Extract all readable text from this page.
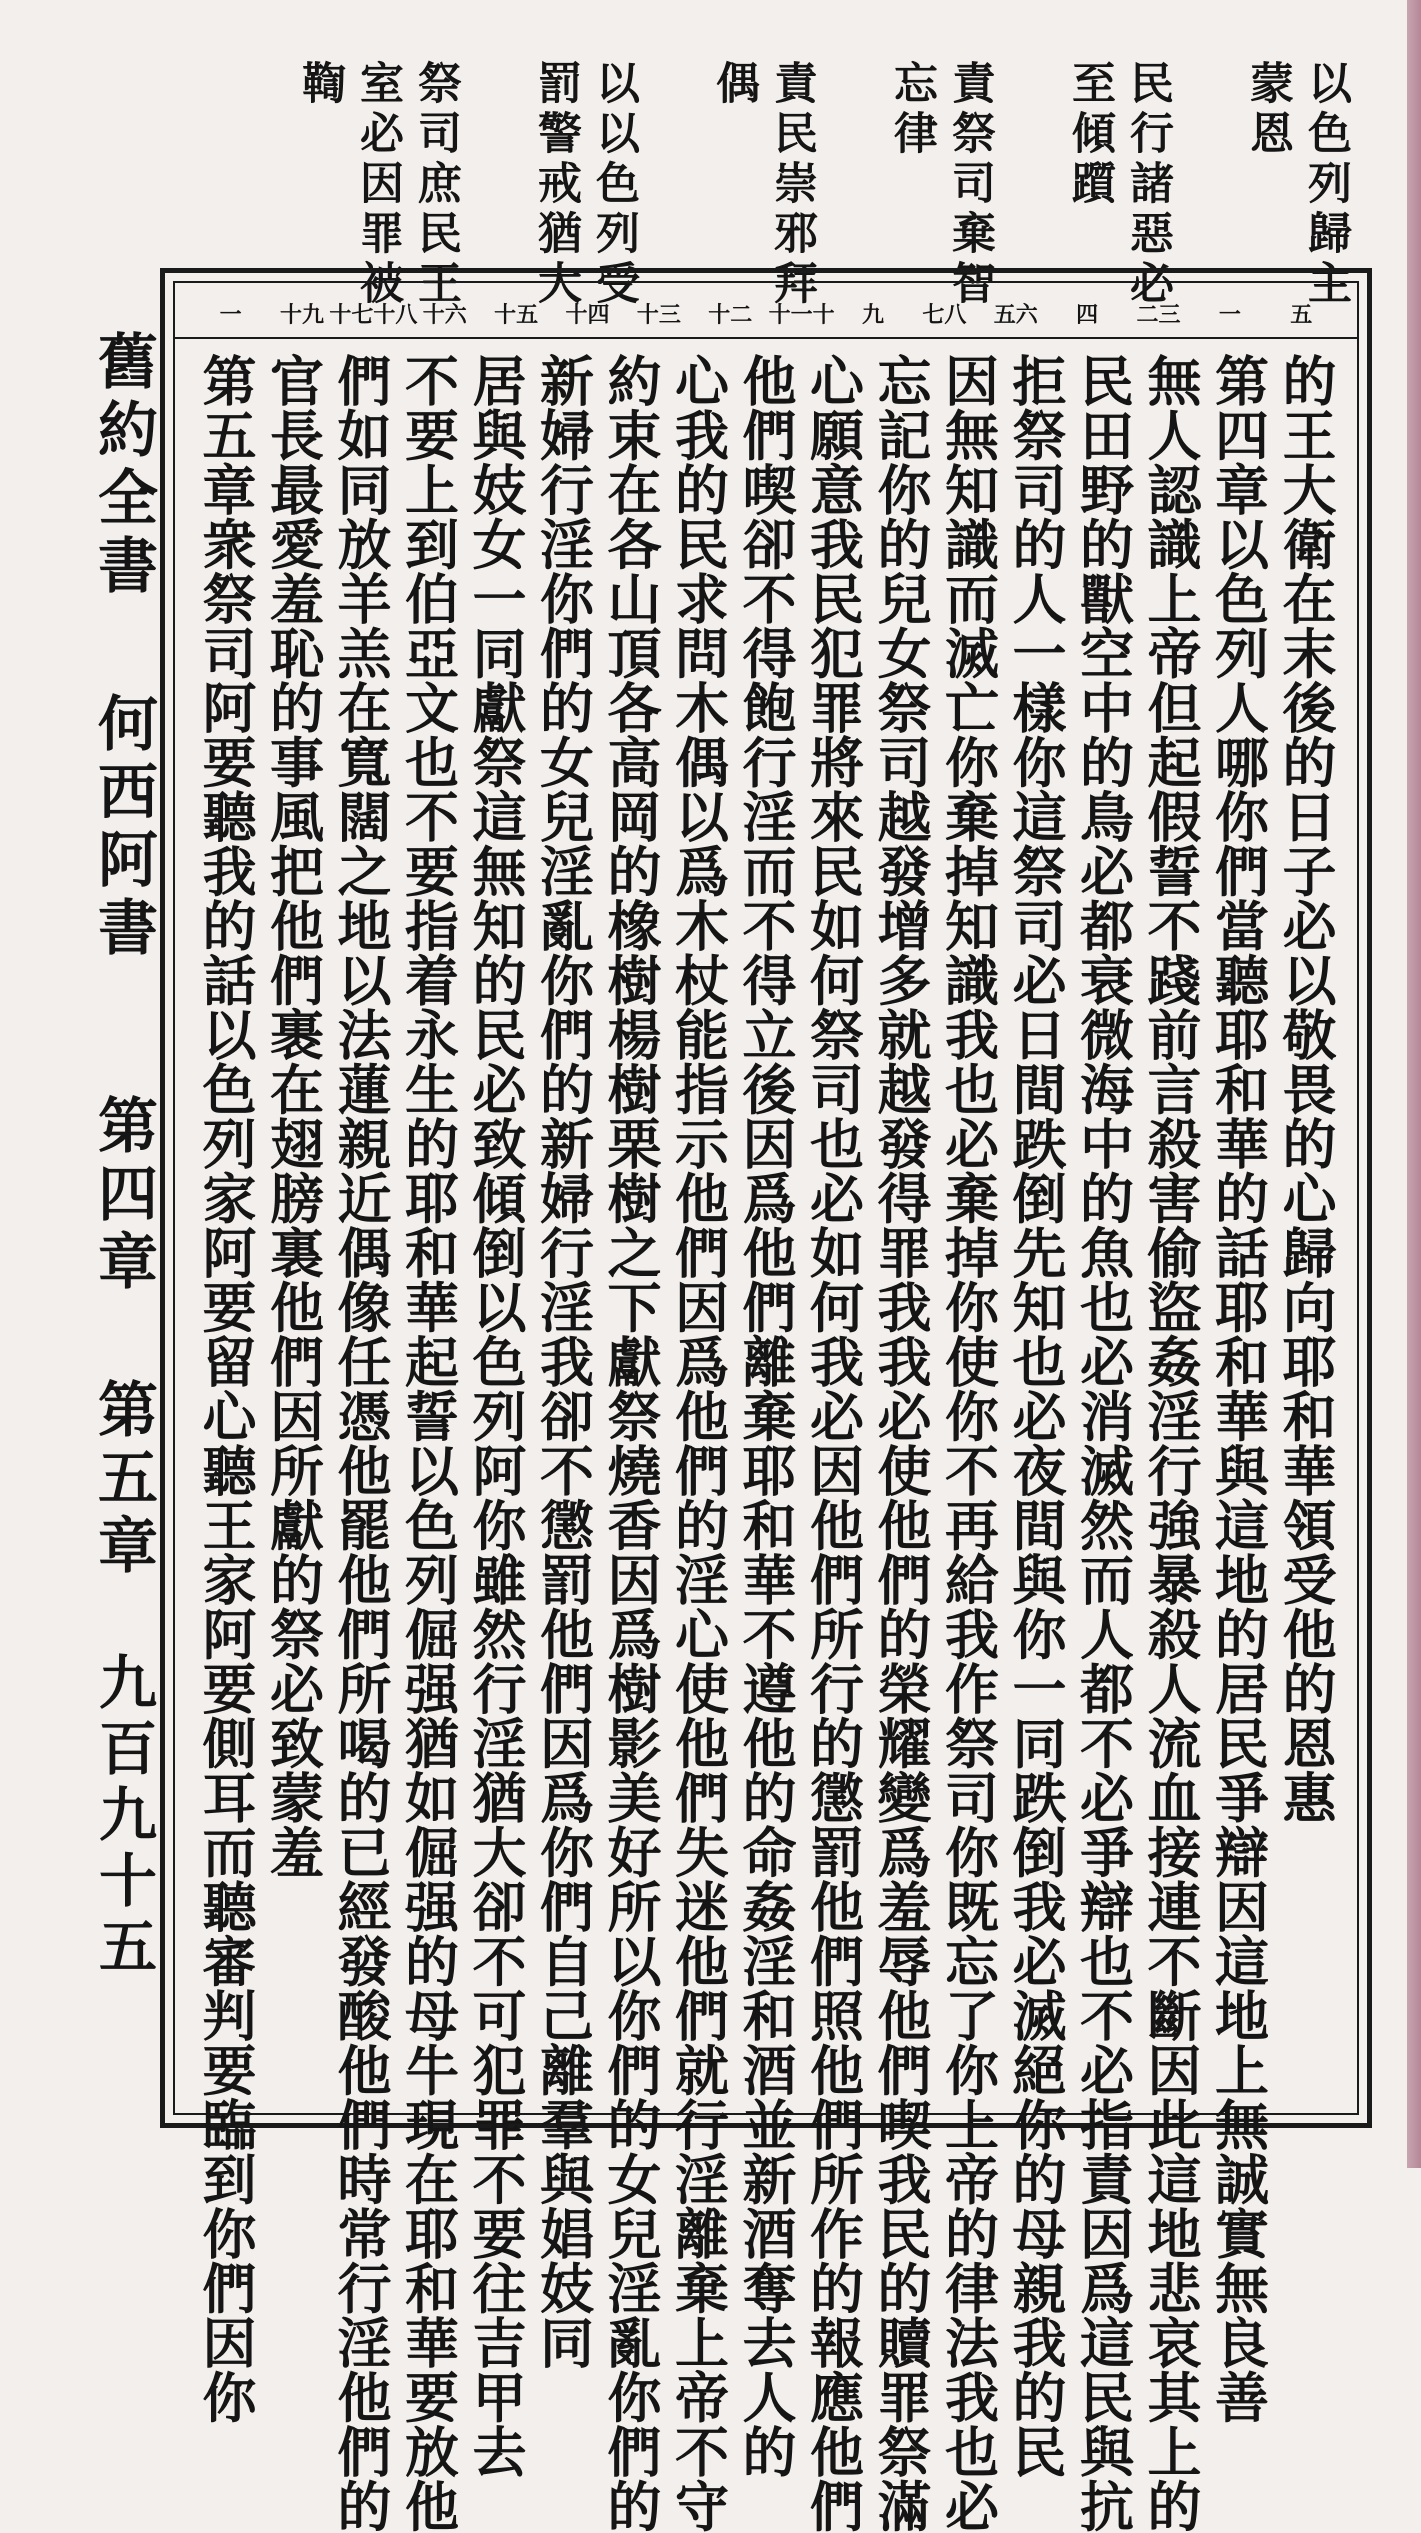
以色列歸主
蒙恩
民行諸惡必
至傾躓
責祭司棄智
忘律
責民崇邪拜
偶
以以色列受
罰警戒猶大
祭司庶民王
室必因罪被
鞫
五
一
二三
四
五六
七八
九
十一十
十二
十三
十四
十五
十六
十七十八
十九
一
的王大衛在末後的日子必以敬畏的心歸向耶和華領受他的恩惠
第四章以色列人哪你們當聽耶和華的話耶和華與這地的居民爭辯因這地上無誠實無良善
無人認識上帝但起假誓不踐前言殺害偷盜姦淫行強暴殺人流血接連不斷因此這地悲哀其上的
民田野的獸空中的鳥必都衰微海中的魚也必消滅然而人都不必爭辯也不必指責因爲這民與抗
拒祭司的人一樣你這祭司必日間跌倒先知也必夜間與你一同跌倒我必滅絕你的母親我的民
因無知識而滅亡你棄掉知識我也必棄掉你使你不再給我作祭司你既忘了你上帝的律法我也必
忘記你的兒女祭司越發增多就越發得罪我我必使他們的榮耀變爲羞辱他們喫我民的贖罪祭滿
心願意我民犯罪將來民如何祭司也必如何我必因他們所行的懲罰他們照他們所作的報應他們
他們喫卻不得飽行淫而不得立後因爲他們離棄耶和華不遵他的命姦淫和酒並新酒奪去人的
心我的民求問木偶以爲木杖能指示他們因爲他們的淫心使他們失迷他們就行淫離棄上帝不守
約束在各山頂各高岡的橡樹楊樹栗樹之下獻祭燒香因爲樹影美好所以你們的女兒淫亂你們的
新婦行淫你們的女兒淫亂你們的新婦行淫我卻不懲罰他們因爲你們自己離羣與娼妓同
居與妓女一同獻祭這無知的民必致傾倒以色列阿你雖然行淫猶大卻不可犯罪不要往吉甲去
不要上到伯亞文也不要指着永生的耶和華起誓以色列倔强猶如倔强的母牛現在耶和華要放他
們如同放羊羔在寬闊之地以法蓮親近偶像任憑他罷他們所喝的已經發酸他們時常行淫他們的
官長最愛羞恥的事風把他們裹在翅膀裏他們因所獻的祭必致蒙羞
第五章衆祭司阿要聽我的話以色列家阿要留心聽王家阿要側耳而聽審判要臨到你們因你
舊約全書
何西阿書
第四章
第五章
九百九十五
